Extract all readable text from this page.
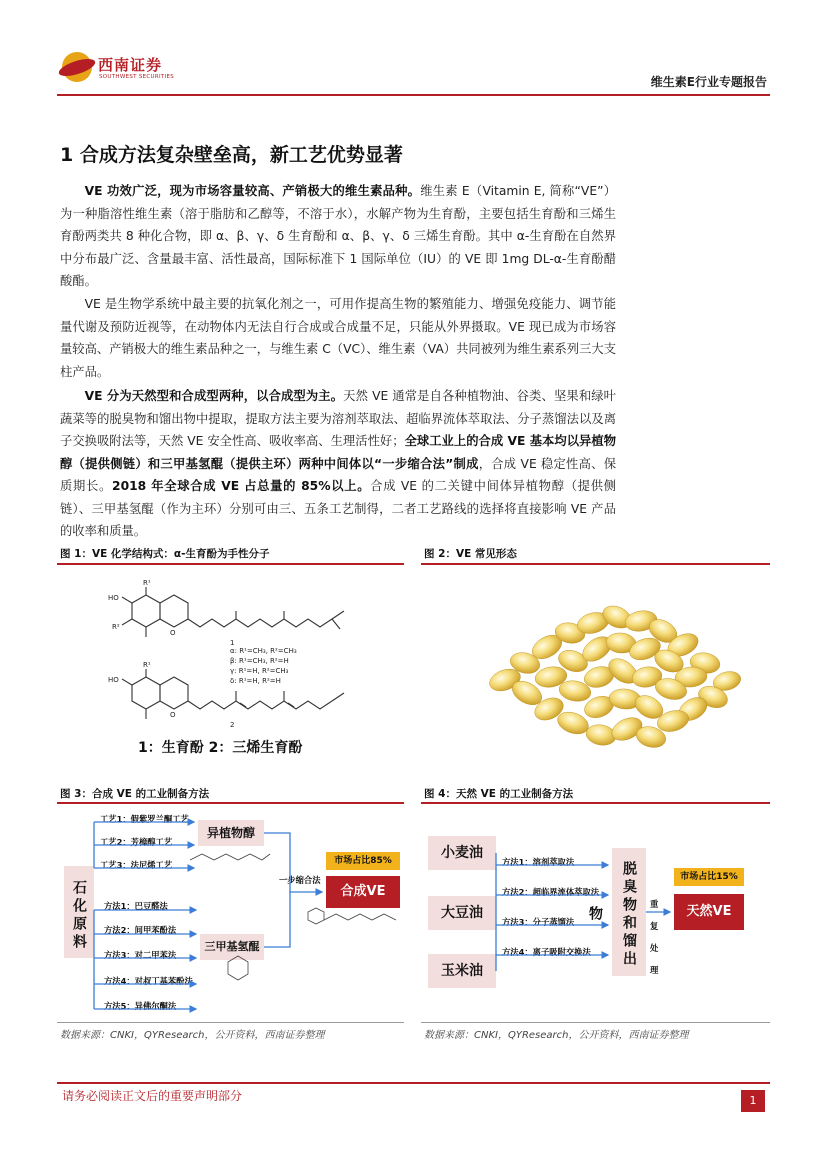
西南证券
SOUTHWEST SECURITIES	维生素E行业专题报告
1 合成方法复杂壁垒高，新工艺优势显著
VE 功效广泛，现为市场容量较高、产销极大的维生素品种。维生素 E（Vitamin E, 简称“VE”）为一种脂溶性维生素（溶于脂肪和乙醇等，不溶于水），水解产物为生育酚，主要包括生育酚和三烯生育酚两类共 8 种化合物，即 α、β、γ、δ 生育酚和 α、β、γ、δ 三烯生育酚。其中 α-生育酚在自然界中分布最广泛、含量最丰富、活性最高，国际标准下 1 国际单位（IU）的 VE 即 1mg DL-α-生育酚醋酸酯。
VE 是生物学系统中最主要的抗氧化剂之一，可用作提高生物的繁殖能力、增强免疫能力、调节能量代谢及预防近视等，在动物体内无法自行合成或合成量不足，只能从外界摄取。VE 现已成为市场容量较高、产销极大的维生素品种之一，与维生素 C（VC）、维生素（VA）共同被列为维生素系列三大支柱产品。
VE 分为天然型和合成型两种，以合成型为主。天然 VE 通常是自各种植物油、谷类、坚果和绿叶蔬菜等的脱臭物和馏出物中提取，提取方法主要为溶剂萃取法、超临界流体萃取法、分子蒸馏法以及离子交换吸附法等，天然 VE 安全性高、吸收率高、生理活性好；全球工业上的合成 VE 基本均以异植物醇（提供侧链）和三甲基氢醌（提供主环）两种中间体以“一步缩合法”制成，合成 VE 稳定性高、保质期长。2018 年全球合成 VE 占总量的 85%以上。合成 VE 的二关键中间体异植物醇（提供侧链）、三甲基氢醌（作为主环）分别可由三、五条工艺制得，二者工艺路线的选择将直接影响 VE 产品的收率和质量。
图 1：VE 化学结构式：α-生育酚为手性分子
HO
R²
R¹
O
1
HO
R¹
O
2
α: R¹=CH₃, R²=CH₃
β: R¹=CH₃, R²=H
γ: R¹=H, R²=CH₃
δ: R¹=H, R²=H
1：生育酚 2：三烯生育酚
图 2：VE 常见形态
图 3：合成 VE 的工业制备方法
石化原料
工艺1：假紫罗兰酮工艺
工艺2：芳樟醇工艺
工艺3：法尼烯工艺
异植物醇
方法1：巴豆醛法
方法2：间甲苯酚法
方法3：对二甲苯法
方法4：对叔丁基苯酚法
方法5：异佛尔酮法
三甲基氢醌
一步缩合法
市场占比85%
合成VE
数据来源：CNKI，QYResearch，公开资料，西南证券整理
图 4：天然 VE 的工业制备方法
小麦油
大豆油
玉米油
方法1：溶剂萃取法
方法2：超临界流体萃取法
方法3：分子蒸馏法
方法4：离子吸附交换法	脱臭物和馏出物
重复处理
市场占比15%
天然VE
数据来源：CNKI，QYResearch，公开资料，西南证券整理
请务必阅读正文后的重要声明部分	1
